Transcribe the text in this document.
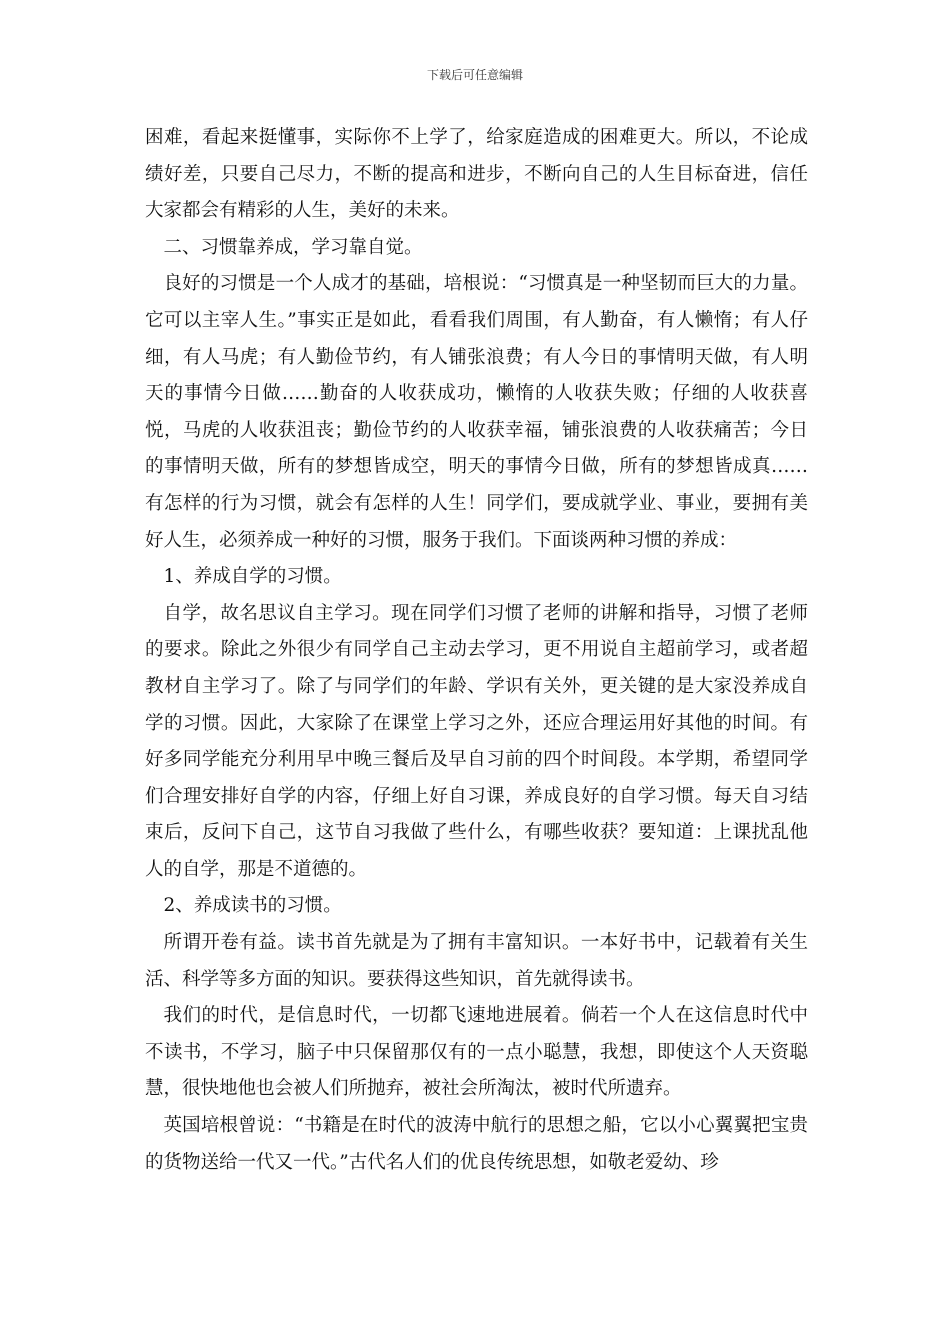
下载后可任意编辑

困难，看起来挺懂事，实际你不上学了，给家庭造成的困难更大。所以，不论成绩好差，只要自己尽力，不断的提高和进步，不断向自己的人生目标奋进，信任大家都会有精彩的人生，美好的未来。

二、习惯靠养成，学习靠自觉。

良好的习惯是一个人成才的基础，培根说：“习惯真是一种坚韧而巨大的力量。它可以主宰人生。”事实正是如此，看看我们周围，有人勤奋，有人懒惰；有人仔细，有人马虎；有人勤俭节约，有人铺张浪费；有人今日的事情明天做，有人明天的事情今日做……勤奋的人收获成功，懒惰的人收获失败；仔细的人收获喜悦，马虎的人收获沮丧；勤俭节约的人收获幸福，铺张浪费的人收获痛苦；今日的事情明天做，所有的梦想皆成空，明天的事情今日做，所有的梦想皆成真……有怎样的行为习惯，就会有怎样的人生！同学们，要成就学业、事业，要拥有美好人生，必须养成一种好的习惯，服务于我们。下面谈两种习惯的养成：

1、养成自学的习惯。

自学，故名思议自主学习。现在同学们习惯了老师的讲解和指导，习惯了老师的要求。除此之外很少有同学自己主动去学习，更不用说自主超前学习，或者超教材自主学习了。除了与同学们的年龄、学识有关外，更关键的是大家没养成自学的习惯。因此，大家除了在课堂上学习之外，还应合理运用好其他的时间。有好多同学能充分利用早中晚三餐后及早自习前的四个时间段。本学期，希望同学们合理安排好自学的内容，仔细上好自习课，养成良好的自学习惯。每天自习结束后，反问下自己，这节自习我做了些什么，有哪些收获？要知道：上课扰乱他人的自学，那是不道德的。

2、养成读书的习惯。

所谓开卷有益。读书首先就是为了拥有丰富知识。一本好书中，记载着有关生活、科学等多方面的知识。要获得这些知识，首先就得读书。

我们的时代，是信息时代，一切都飞速地进展着。倘若一个人在这信息时代中不读书，不学习，脑子中只保留那仅有的一点小聪慧，我想，即使这个人天资聪慧，很快地他也会被人们所抛弃，被社会所淘汰，被时代所遗弃。

英国培根曾说：“书籍是在时代的波涛中航行的思想之船，它以小心翼翼把宝贵的货物送给一代又一代。”古代名人们的优良传统思想，如敬老爱幼、珍
